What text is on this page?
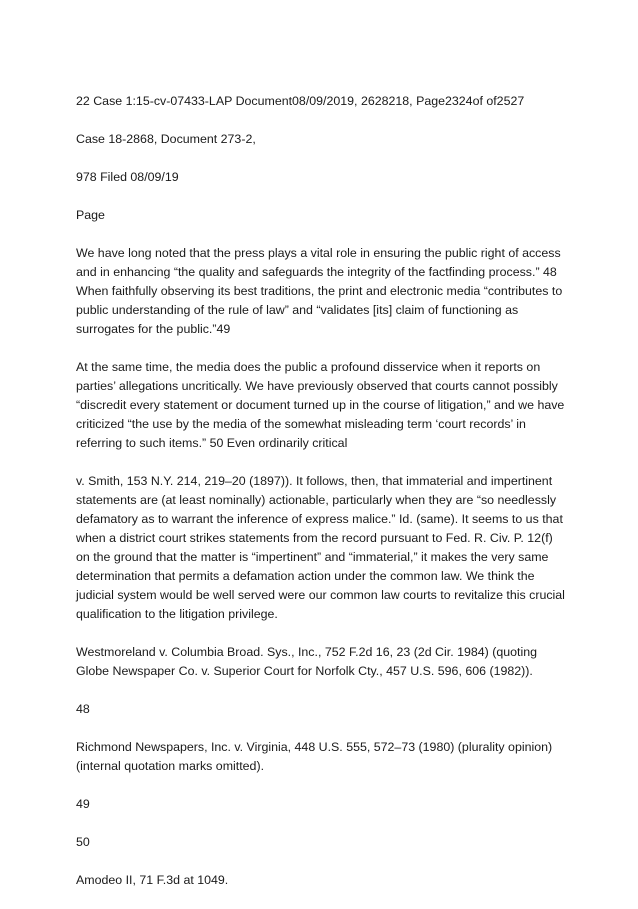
22 Case 1:15-cv-07433-LAP Document08/09/2019, 2628218, Page2324of of2527

Case 18-2868, Document 273-2,

978 Filed 08/09/19

Page

We have long noted that the press plays a vital role in ensuring the public right of access and in enhancing “the quality and safeguards the integrity of the factfinding process.” 48 When faithfully observing its best traditions, the print and electronic media “contributes to public understanding of the rule of law” and “validates [its] claim of functioning as surrogates for the public.”49

At the same time, the media does the public a profound disservice when it reports on parties’ allegations uncritically. We have previously observed that courts cannot possibly “discredit every statement or document turned up in the course of litigation,” and we have criticized “the use by the media of the somewhat misleading term ‘court records’ in referring to such items.” 50 Even ordinarily critical

v. Smith, 153 N.Y. 214, 219–20 (1897)). It follows, then, that immaterial and impertinent statements are (at least nominally) actionable, particularly when they are “so needlessly defamatory as to warrant the inference of express malice.” Id. (same). It seems to us that when a district court strikes statements from the record pursuant to Fed. R. Civ. P. 12(f) on the ground that the matter is “impertinent” and “immaterial,” it makes the very same determination that permits a defamation action under the common law. We think the judicial system would be well served were our common law courts to revitalize this crucial qualification to the litigation privilege.

Westmoreland v. Columbia Broad. Sys., Inc., 752 F.2d 16, 23 (2d Cir. 1984) (quoting Globe Newspaper Co. v. Superior Court for Norfolk Cty., 457 U.S. 596, 606 (1982)).

48

Richmond Newspapers, Inc. v. Virginia, 448 U.S. 555, 572–73 (1980) (plurality opinion) (internal quotation marks omitted).

49

50

Amodeo II, 71 F.3d at 1049.
